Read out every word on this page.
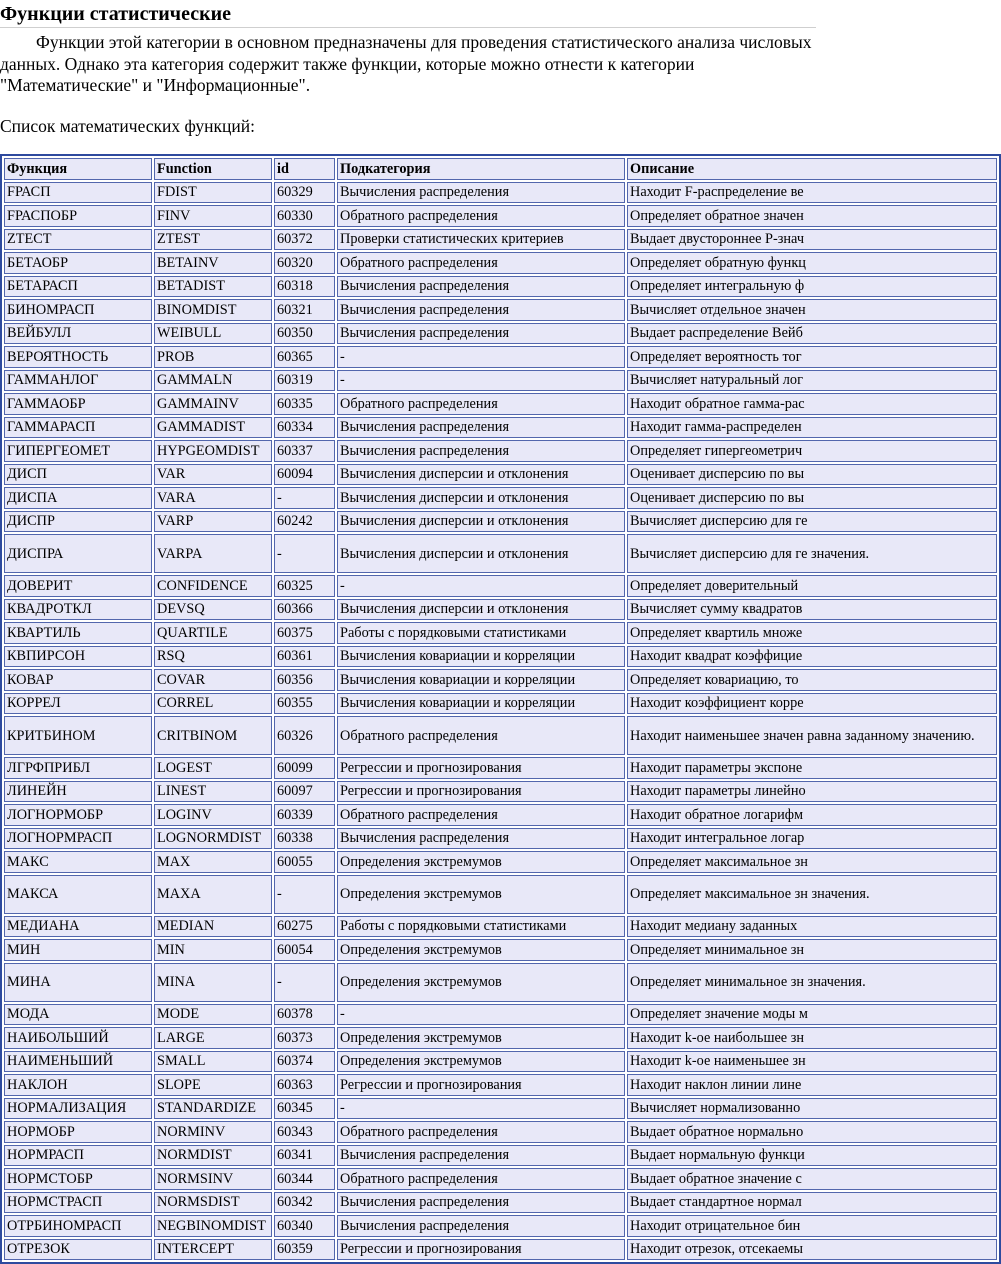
Функции статистические

Функции этой категории в основном предназначены для проведения статистического анализа числовых данных. Однако эта категория содержит также функции, которые можно отнести к категории "Математические" и "Информационные".

Список математических функций:

Функция	Function	id	Подкатегория	Описание
FРАСП	FDIST	60329	Вычисления распределения	Находит F-распределение ве
FРАСПОБР	FINV	60330	Обратного распределения	Определяет обратное значен
ZТЕСТ	ZTEST	60372	Проверки статистических критериев	Выдает двустороннее P-знач
БЕТАОБР	BETAINV	60320	Обратного распределения	Определяет обратную функц
БЕТАРАСП	BETADIST	60318	Вычисления распределения	Определяет интегральную ф
БИНОМРАСП	BINOMDIST	60321	Вычисления распределения	Вычисляет отдельное значен
ВЕЙБУЛЛ	WEIBULL	60350	Вычисления распределения	Выдает распределение Вейб
ВЕРОЯТНОСТЬ	PROB	60365	-	Определяет вероятность тог
ГАММАНЛОГ	GAMMALN	60319	-	Вычисляет натуральный лог
ГАММАОБР	GAMMAINV	60335	Обратного распределения	Находит обратное гамма-рас
ГАММАРАСП	GAMMADIST	60334	Вычисления распределения	Находит гамма-распределен
ГИПЕРГЕОМЕТ	HYPGEOMDIST	60337	Вычисления распределения	Определяет гипергеометрич
ДИСП	VAR	60094	Вычисления дисперсии и отклонения	Оценивает дисперсию по вы
ДИСПА	VARA	-	Вычисления дисперсии и отклонения	Оценивает дисперсию по вы
ДИСПР	VARP	60242	Вычисления дисперсии и отклонения	Вычисляет дисперсию для ге
ДИСПРА	VARPA	-	Вычисления дисперсии и отклонения	Вычисляет дисперсию для ге значения.
ДОВЕРИТ	CONFIDENCE	60325	-	Определяет доверительный
КВАДРОТКЛ	DEVSQ	60366	Вычисления дисперсии и отклонения	Вычисляет сумму квадратов
КВАРТИЛЬ	QUARTILE	60375	Работы с порядковыми статистиками	Определяет квартиль множе
КВПИРСОН	RSQ	60361	Вычисления ковариации и корреляции	Находит квадрат коэффицие
КОВАР	COVAR	60356	Вычисления ковариации и корреляции	Определяет ковариацию, то
КОРРЕЛ	CORREL	60355	Вычисления ковариации и корреляции	Находит коэффициент корре
КРИТБИНОМ	CRITBINOM	60326	Обратного распределения	Находит наименьшее значен равна заданному значению.
ЛГРФПРИБЛ	LOGEST	60099	Регрессии и прогнозирования	Находит параметры экспоне
ЛИНЕЙН	LINEST	60097	Регрессии и прогнозирования	Находит параметры линейно
ЛОГНОРМОБР	LOGINV	60339	Обратного распределения	Находит обратное логарифм
ЛОГНОРМРАСП	LOGNORMDIST	60338	Вычисления распределения	Находит интегральное логар
МАКС	MAX	60055	Определения экстремумов	Определяет максимальное зн
МАКСА	MAXA	-	Определения экстремумов	Определяет максимальное зн значения.
МЕДИАНА	MEDIAN	60275	Работы с порядковыми статистиками	Находит медиану заданных
МИН	MIN	60054	Определения экстремумов	Определяет минимальное зн
МИНА	MINA	-	Определения экстремумов	Определяет минимальное зн значения.
МОДА	MODE	60378	-	Определяет значение моды м
НАИБОЛЬШИЙ	LARGE	60373	Определения экстремумов	Находит k-ое наибольшее зн
НАИМЕНЬШИЙ	SMALL	60374	Определения экстремумов	Находит k-ое наименьшее зн
НАКЛОН	SLOPE	60363	Регрессии и прогнозирования	Находит наклон линии лине
НОРМАЛИЗАЦИЯ	STANDARDIZE	60345	-	Вычисляет нормализованно
НОРМОБР	NORMINV	60343	Обратного распределения	Выдает обратное нормально
НОРМРАСП	NORMDIST	60341	Вычисления распределения	Выдает нормальную функци
НОРМСТОБР	NORMSINV	60344	Обратного распределения	Выдает обратное значение с
НОРМСТРАСП	NORMSDIST	60342	Вычисления распределения	Выдает стандартное нормал
ОТРБИНОМРАСП	NEGBINOMDIST	60340	Вычисления распределения	Находит отрицательное бин
ОТРЕЗОК	INTERCEPT	60359	Регрессии и прогнозирования	Находит отрезок, отсекаемы
